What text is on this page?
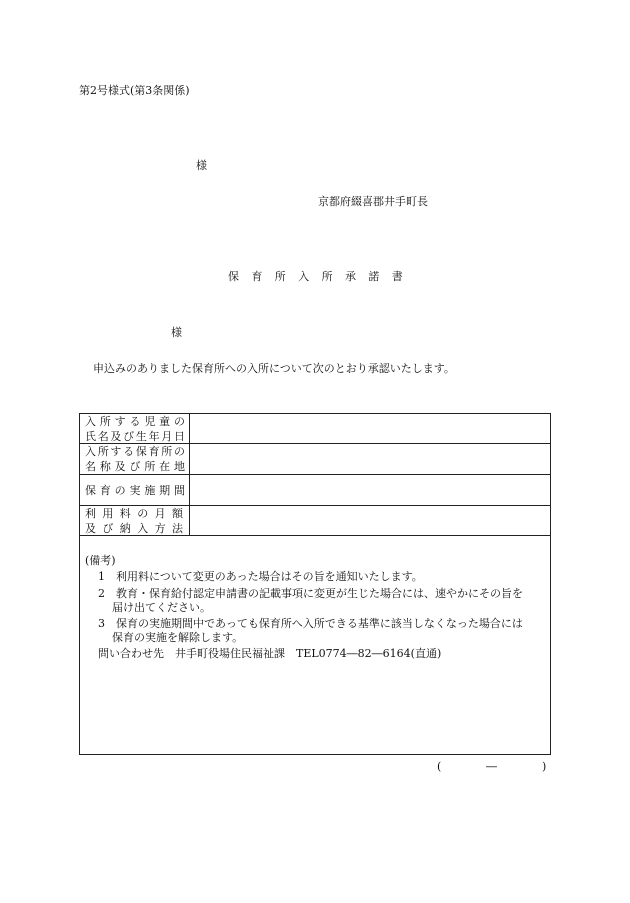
第2号様式(第3条関係)
様
京都府綴喜郡井手町長
保育所入所承諾書
様
申込みのありました保育所への入所について次のとおり承認いたします。
入所する児童の
氏名及び生年月日
入所する保育所の
名称及び所在地
保育の実施期間
利用料の月額
及び納入方法
(備考)
1　利用料について変更のあった場合はその旨を通知いたします。
2　教育・保育給付認定申請書の記載事項に変更が生じた場合には、速やかにその旨を
届け出てください。
3　保育の実施期間中であっても保育所へ入所できる基準に該当しなくなった場合には
保育の実施を解除します。
問い合わせ先　井手町役場住民福祉課　TEL0774―82―6164(直通)
(	―	)
